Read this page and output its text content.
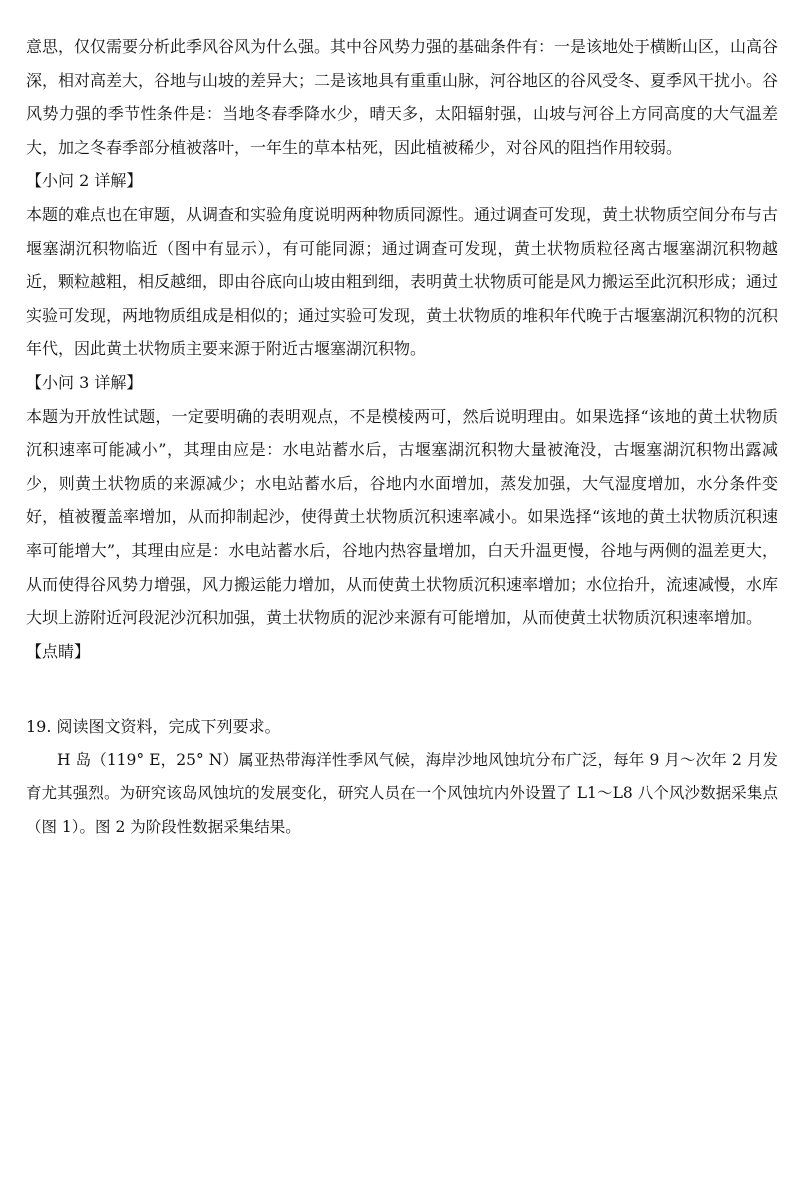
意思，仅仅需要分析此季风谷风为什么强。其中谷风势力强的基础条件有：一是该地处于横断山区，山高谷深，相对高差大，谷地与山坡的差异大；二是该地具有重重山脉，河谷地区的谷风受冬、夏季风干扰小。谷风势力强的季节性条件是：当地冬春季降水少，晴天多，太阳辐射强，山坡与河谷上方同高度的大气温差大，加之冬春季部分植被落叶，一年生的草本枯死，因此植被稀少，对谷风的阻挡作用较弱。

【小问 2 详解】

本题的难点也在审题，从调查和实验角度说明两种物质同源性。通过调查可发现，黄土状物质空间分布与古堰塞湖沉积物临近（图中有显示），有可能同源；通过调查可发现，黄土状物质粒径离古堰塞湖沉积物越近，颗粒越粗，相反越细，即由谷底向山坡由粗到细，表明黄土状物质可能是风力搬运至此沉积形成；通过实验可发现，两地物质组成是相似的；通过实验可发现，黄土状物质的堆积年代晚于古堰塞湖沉积物的沉积年代，因此黄土状物质主要来源于附近古堰塞湖沉积物。

【小问 3 详解】

本题为开放性试题，一定要明确的表明观点，不是模棱两可，然后说明理由。如果选择“该地的黄土状物质沉积速率可能减小”，其理由应是：水电站蓄水后，古堰塞湖沉积物大量被淹没，古堰塞湖沉积物出露减少，则黄土状物质的来源减少；水电站蓄水后，谷地内水面增加，蒸发加强，大气湿度增加，水分条件变好，植被覆盖率增加，从而抑制起沙，使得黄土状物质沉积速率减小。如果选择“该地的黄土状物质沉积速率可能增大”，其理由应是：水电站蓄水后，谷地内热容量增加，白天升温更慢，谷地与两侧的温差更大，从而使得谷风势力增强，风力搬运能力增加，从而使黄土状物质沉积速率增加；水位抬升，流速减慢，水库大坝上游附近河段泥沙沉积加强，黄土状物质的泥沙来源有可能增加，从而使黄土状物质沉积速率增加。

【点睛】

19. 阅读图文资料，完成下列要求。

H 岛（119° E，25° N）属亚热带海洋性季风气候，海岸沙地风蚀坑分布广泛，每年 9 月～次年 2 月发育尤其强烈。为研究该岛风蚀坑的发展变化，研究人员在一个风蚀坑内外设置了 L1～L8 八个风沙数据采集点（图 1）。图 2 为阶段性数据采集结果。
